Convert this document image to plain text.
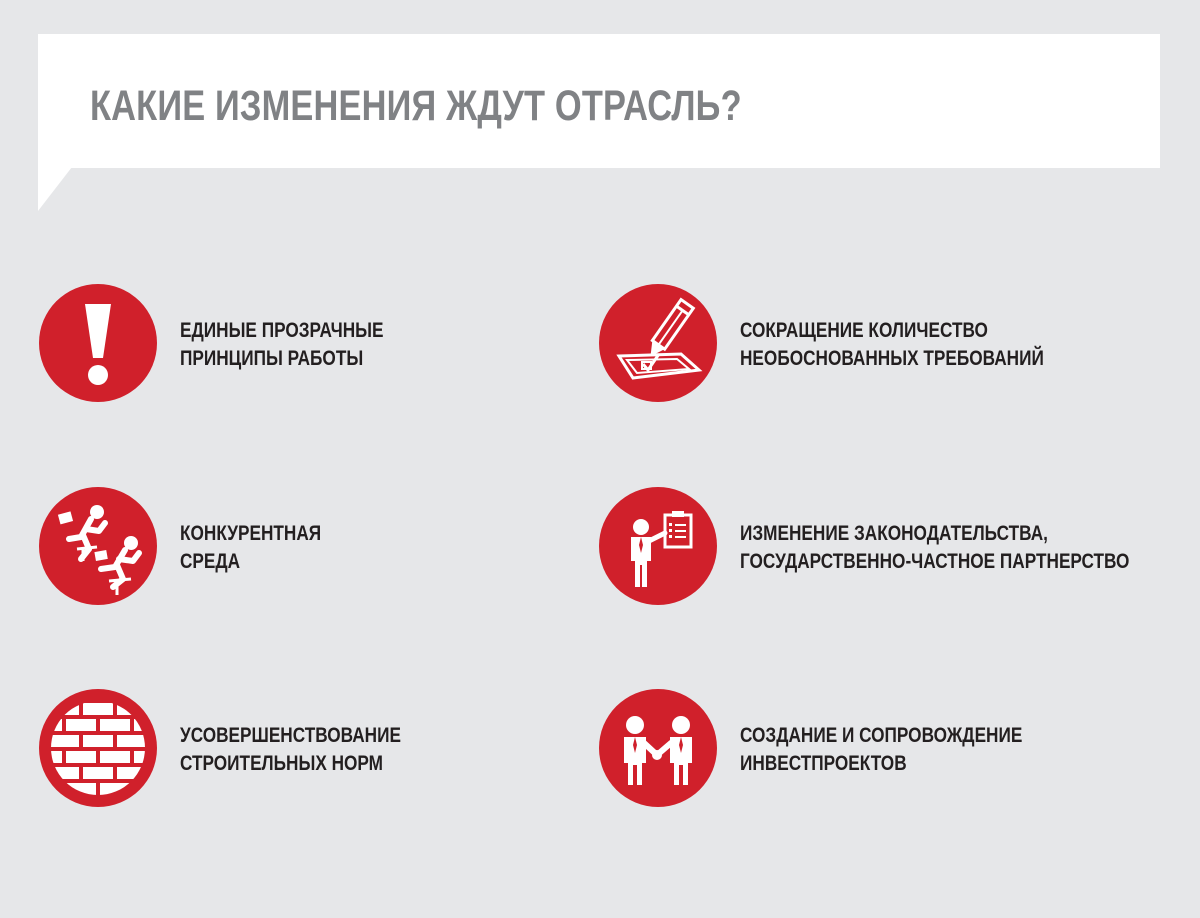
КАКИЕ ИЗМЕНЕНИЯ ЖДУТ ОТРАСЛЬ?

ЕДИНЫЕ ПРОЗРАЧНЫЕ
ПРИНЦИПЫ РАБОТЫ

СОКРАЩЕНИЕ КОЛИЧЕСТВО
НЕОБОСНОВАННЫХ ТРЕБОВАНИЙ

КОНКУРЕНТНАЯ
СРЕДА

ИЗМЕНЕНИЕ ЗАКОНОДАТЕЛЬСТВА,
ГОСУДАРСТВЕННО-ЧАСТНОЕ ПАРТНЕРСТВО

УСОВЕРШЕНСТВОВАНИЕ
СТРОИТЕЛЬНЫХ НОРМ

СОЗДАНИЕ И СОПРОВОЖДЕНИЕ
ИНВЕСТПРОЕКТОВ
